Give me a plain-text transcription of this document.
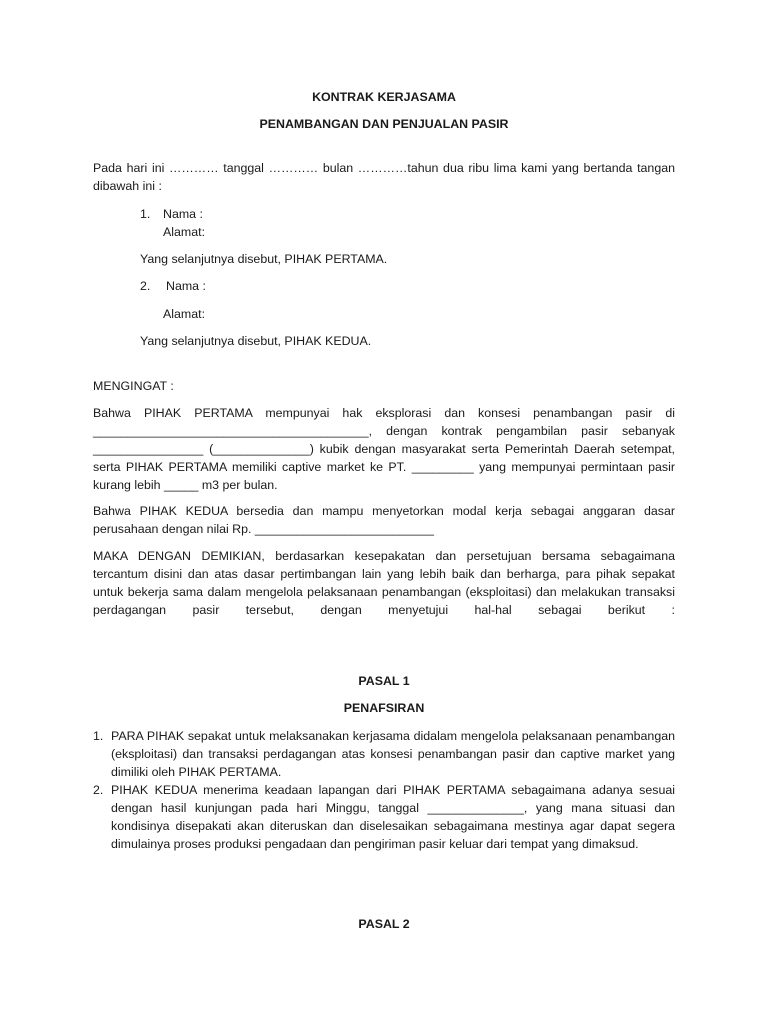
KONTRAK KERJASAMA
PENAMBANGAN DAN PENJUALAN PASIR
Pada hari ini ………… tanggal ………… bulan …………tahun dua ribu lima kami yang bertanda tangan dibawah ini :
1. Nama :
Alamat:
Yang selanjutnya disebut, PIHAK PERTAMA.
2. Nama :
Alamat:
Yang selanjutnya disebut, PIHAK KEDUA.
MENGINGAT :
Bahwa PIHAK PERTAMA mempunyai hak eksplorasi dan konsesi penambangan pasir di ________________________________________, dengan kontrak pengambilan pasir sebanyak ________________ (______________) kubik dengan masyarakat serta Pemerintah Daerah setempat, serta PIHAK PERTAMA memiliki captive market ke PT. _________ yang mempunyai permintaan pasir kurang lebih _____ m3 per bulan.
Bahwa PIHAK KEDUA bersedia dan mampu menyetorkan modal kerja sebagai anggaran dasar perusahaan dengan nilai Rp. __________________________
MAKA DENGAN DEMIKIAN, berdasarkan kesepakatan dan persetujuan bersama sebagaimana tercantum disini dan atas dasar pertimbangan lain yang lebih baik dan berharga, para pihak sepakat untuk bekerja sama dalam mengelola pelaksanaan penambangan (eksploitasi) dan melakukan transaksi perdagangan pasir tersebut, dengan menyetujui hal-hal sebagai berikut :
PASAL 1
PENAFSIRAN
1. PARA PIHAK sepakat untuk melaksanakan kerjasama didalam mengelola pelaksanaan penambangan (eksploitasi) dan transaksi perdagangan atas konsesi penambangan pasir dan captive market yang dimiliki oleh PIHAK PERTAMA.
2. PIHAK KEDUA menerima keadaan lapangan dari PIHAK PERTAMA sebagaimana adanya sesuai dengan hasil kunjungan pada hari Minggu, tanggal ______________, yang mana situasi dan kondisinya disepakati akan diteruskan dan diselesaikan sebagaimana mestinya agar dapat segera dimulainya proses produksi pengadaan dan pengiriman pasir keluar dari tempat yang dimaksud.
PASAL 2
